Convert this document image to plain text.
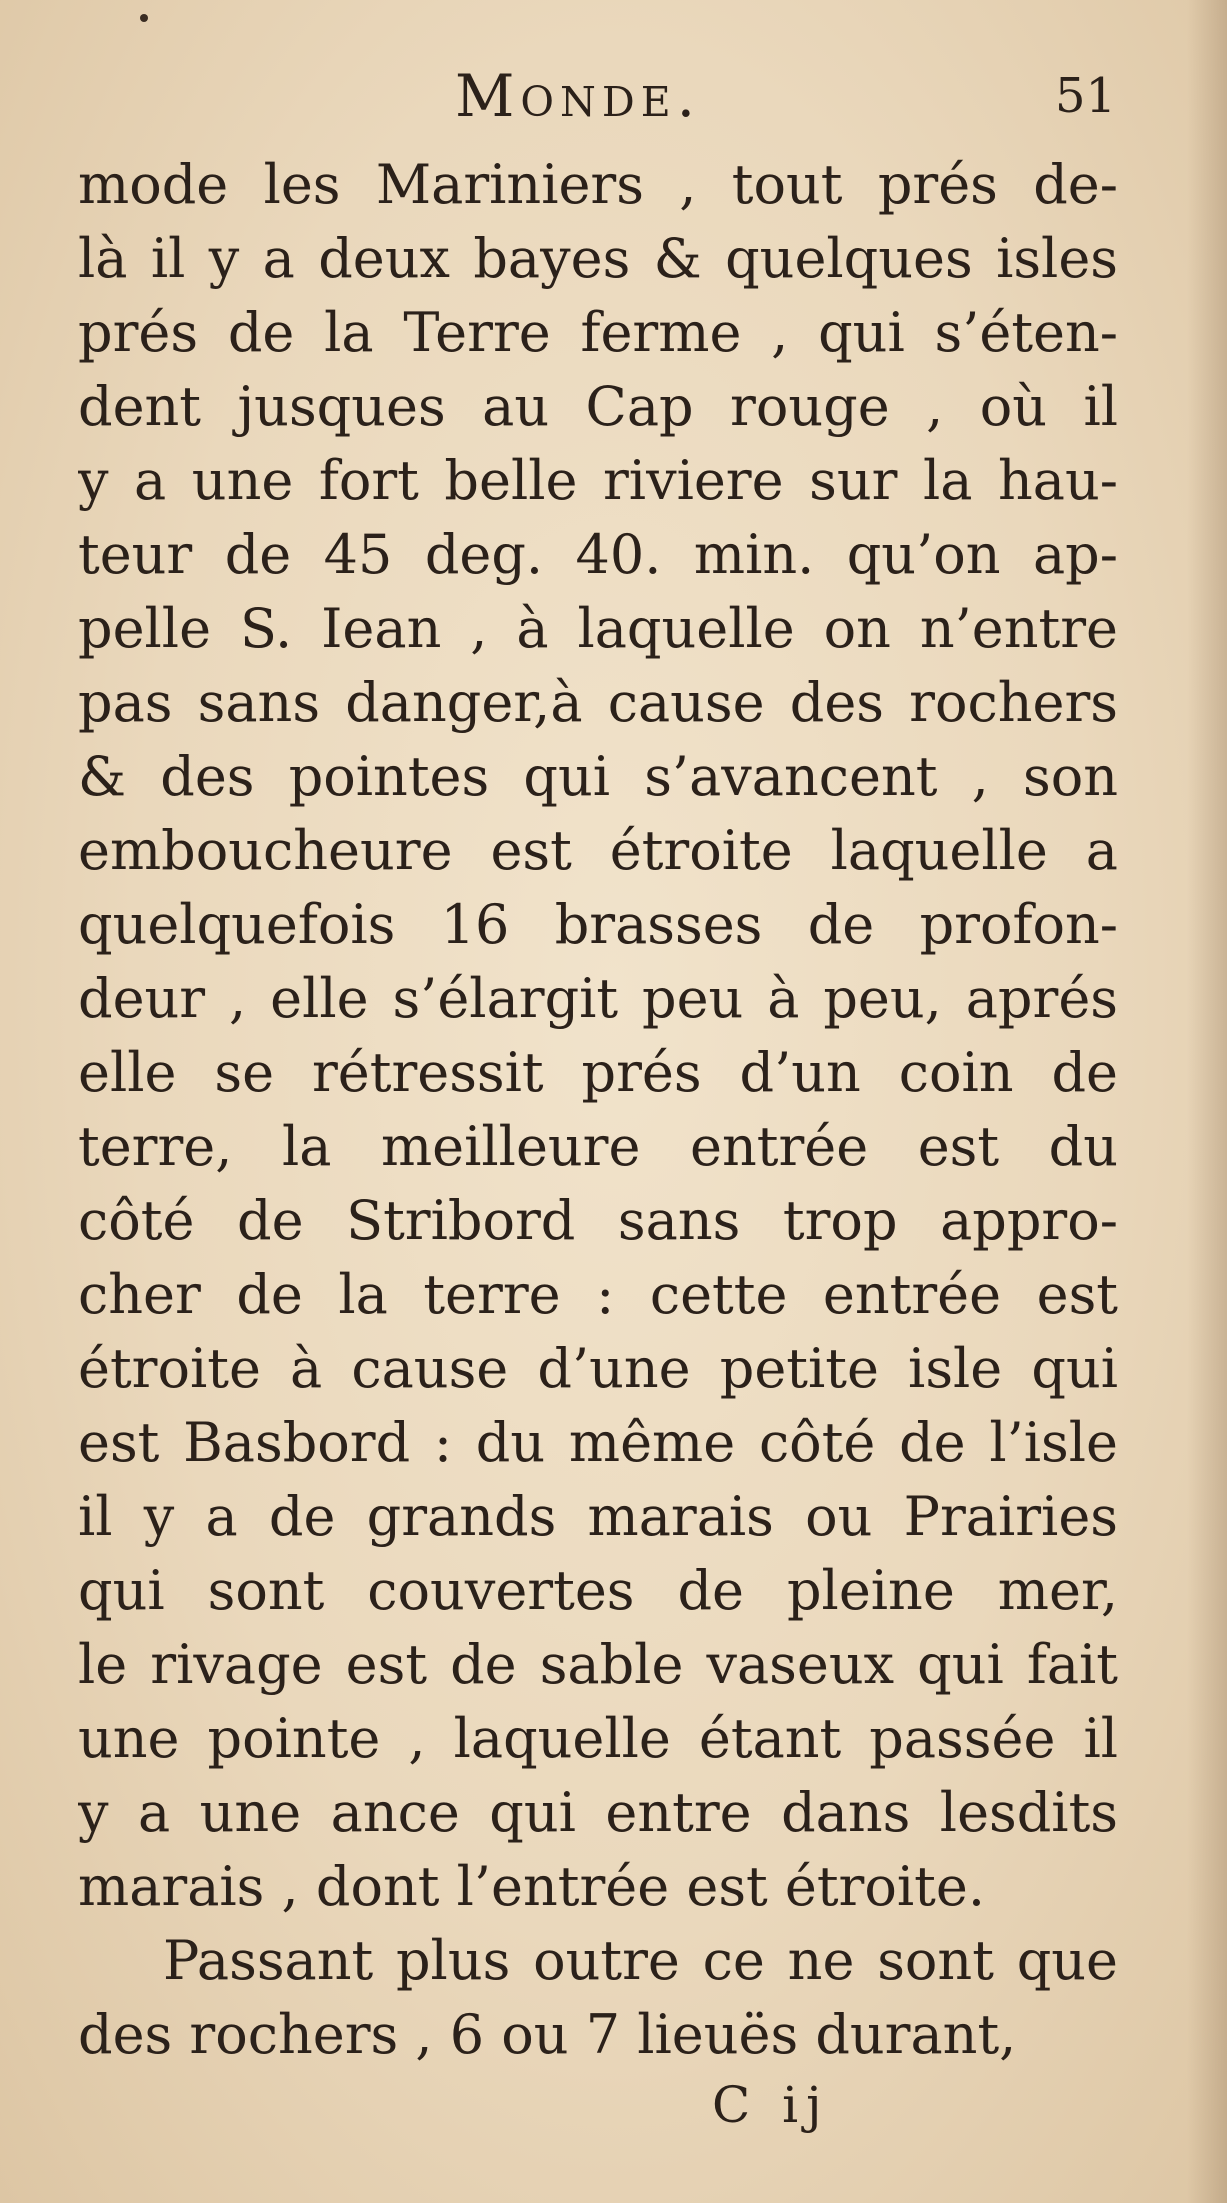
Monde.	51
mode les Mariniers , tout prés de-
là il y a deux bayes & quelques isles
prés de la Terre ferme , qui s’éten-
dent jusques au Cap rouge , où il
y a une fort belle riviere sur la hau-
teur de 45 deg. 40. min. qu’on ap-
pelle S. Iean , à laquelle on n’entre
pas sans danger,à cause des rochers
& des pointes qui s’avancent , son
emboucheure est étroite laquelle a
quelquefois 16 brasses de profon-
deur , elle s’élargit peu à peu, aprés
elle se rétressit prés d’un coin de
terre, la meilleure entrée est du
côté de Stribord sans trop appro-
cher de la terre : cette entrée est
étroite à cause d’une petite isle qui
est Basbord : du même côté de l’isle
il y a de grands marais ou Prairies
qui sont couvertes de pleine mer,
le rivage est de sable vaseux qui fait
une pointe , laquelle étant passée il
y a une ance qui entre dans lesdits
marais , dont l’entrée est étroite.
Passant plus outre ce ne sont que
des rochers , 6 ou 7 lieuës durant,
C ij
